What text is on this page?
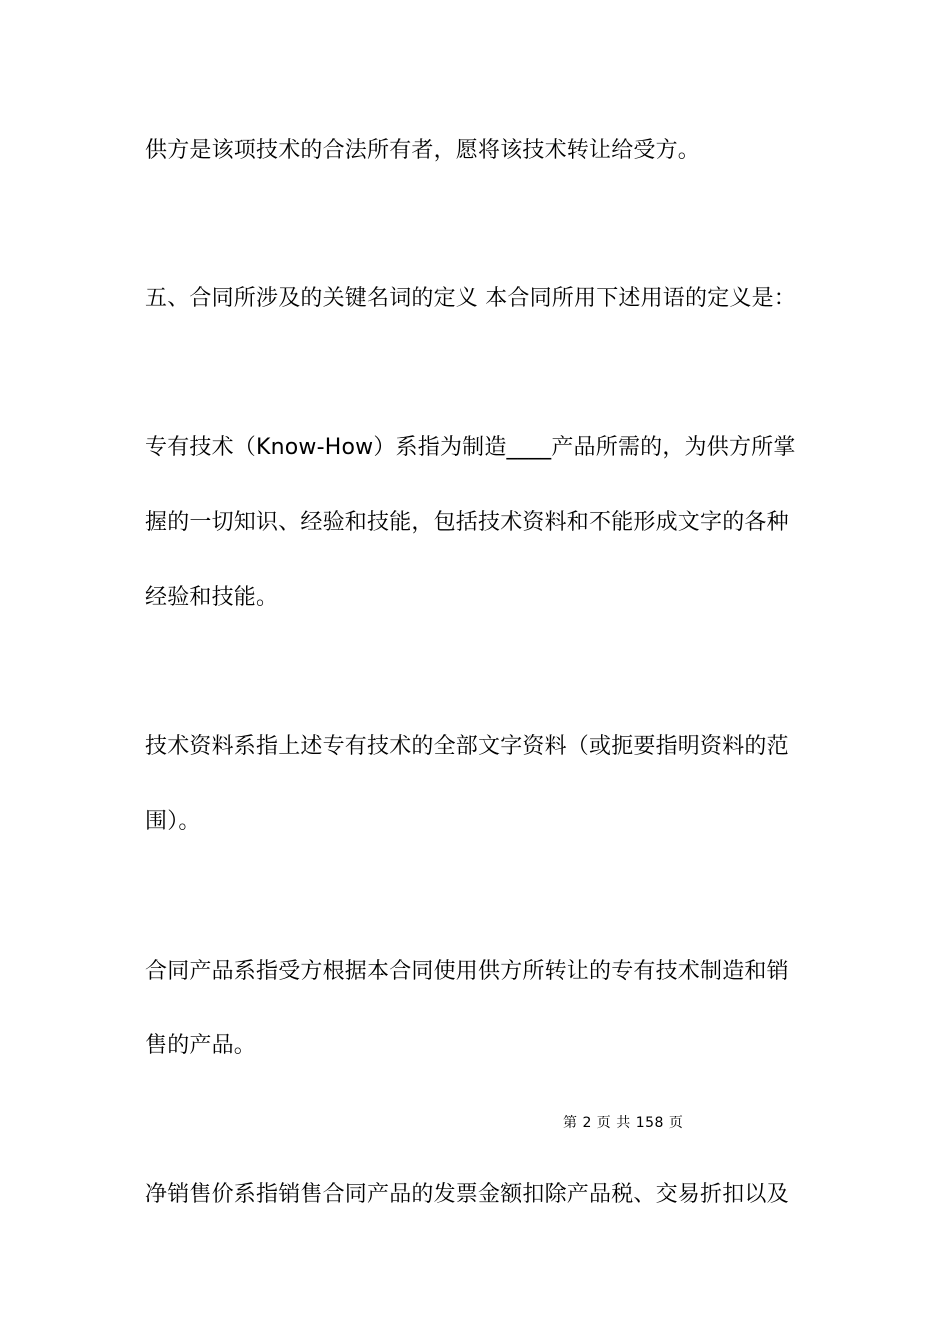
供方是该项技术的合法所有者，愿将该技术转让给受方。
五、合同所涉及的关键名词的定义 本合同所用下述用语的定义是：
专有技术（Know-How）系指为制造____产品所需的，为供方所掌
握的一切知识、经验和技能，包括技术资料和不能形成文字的各种
经验和技能。
技术资料系指上述专有技术的全部文字资料（或扼要指明资料的范
围）。
合同产品系指受方根据本合同使用供方所转让的专有技术制造和销
售的产品。
第 2 页 共 158 页
净销售价系指销售合同产品的发票金额扣除产品税、交易折扣以及
